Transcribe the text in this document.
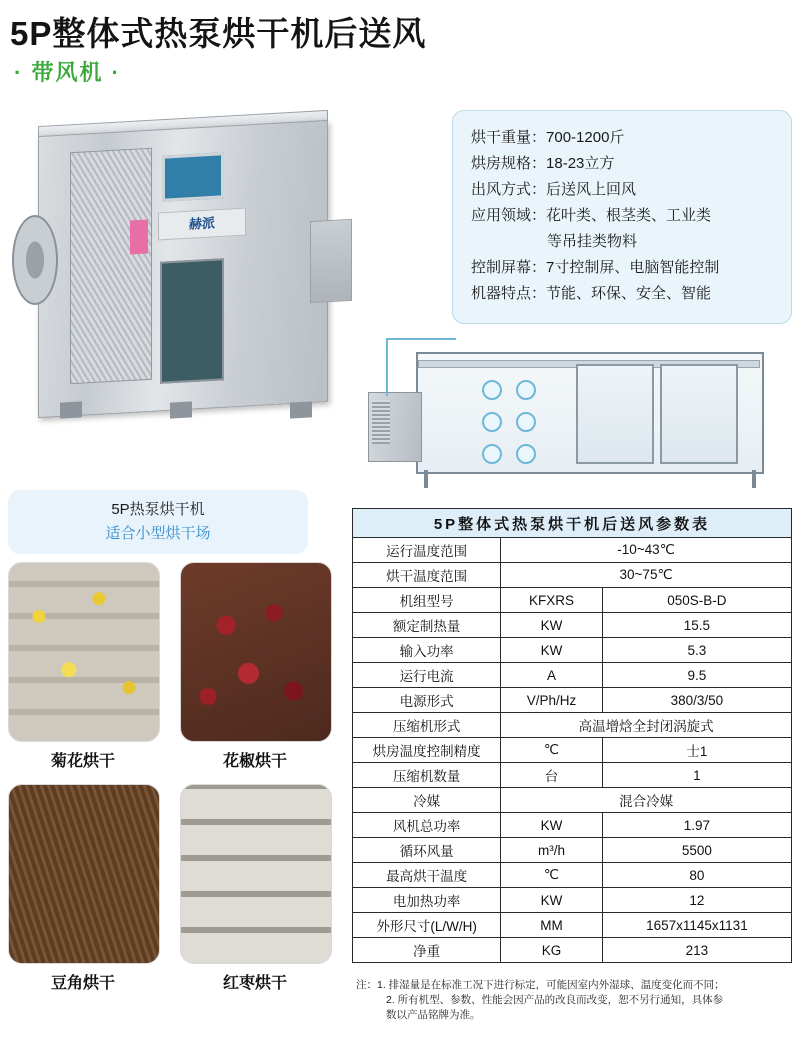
5P整体式热泵烘干机后送风
· 带风机 ·
赫派
烘干重量：700-1200斤
烘房规格：18-23立方
出风方式：后送风上回风
应用领域：花叶类、根茎类、工业类
等吊挂类物料
控制屏幕：7寸控制屏、电脑智能控制
机器特点：节能、环保、安全、智能
5P热泵烘干机
适合小型烘干场
菊花烘干	花椒烘干
豆角烘干	红枣烘干
5P整体式热泵烘干机后送风参数表		
运行温度范围	-10~43℃	
烘干温度范围	30~75℃	
机组型号	KFXRS	050S-B-D
额定制热量	KW	15.5
输入功率	KW	5.3
运行电流	A	9.5
电源形式	V/Ph/Hz	380/3/50
压缩机形式	高温增焓全封闭涡旋式	
烘房温度控制精度	℃	士1
压缩机数量	台	1
冷媒	混合冷媒	
风机总功率	KW	1.97
循环风量	m³/h	5500
最高烘干温度	℃	80
电加热功率	KW	12
外形尺寸(L/W/H)	MM	1657x1145x1131
净重	KG	213
注：1. 排湿量是在标准工况下进行标定，可能因室内外湿球、温度变化而不同；
2. 所有机型、参数、性能会因产品的改良而改变，恕不另行通知，具体参
数以产品铭牌为准。
